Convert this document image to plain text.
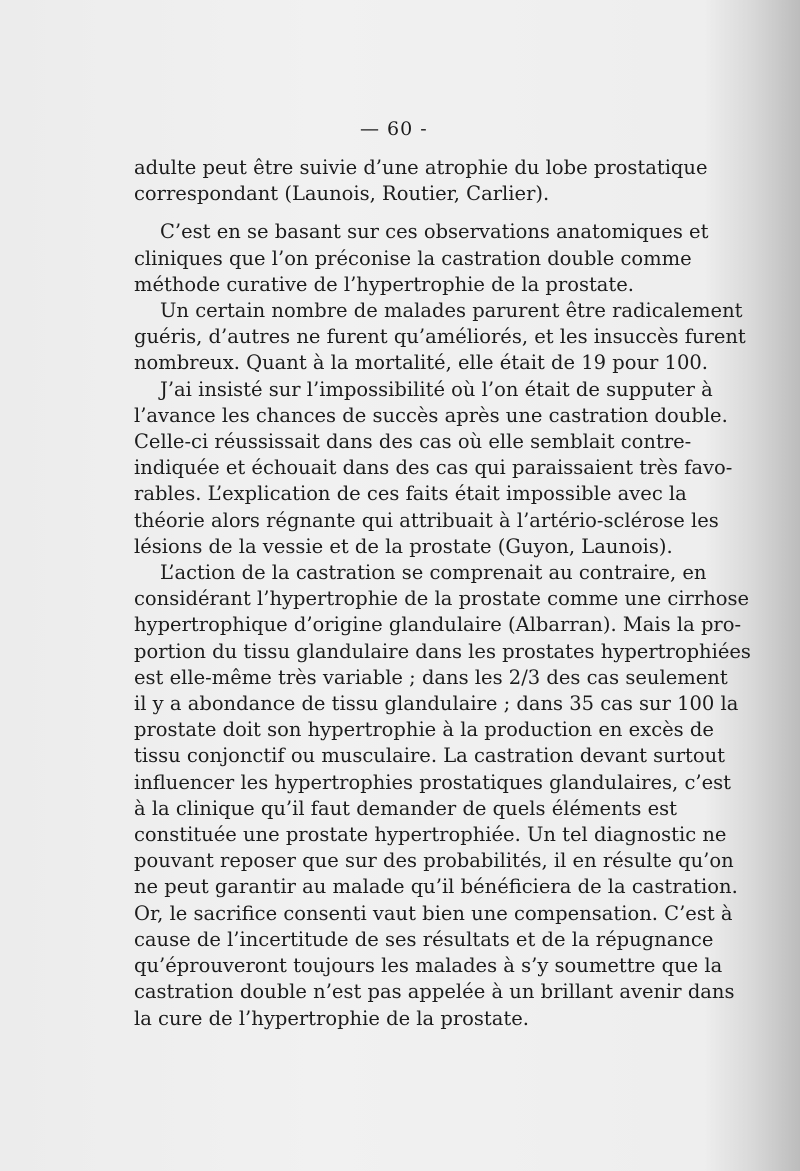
— 60 -
adulte peut être suivie d’une atrophie du lobe prostatique
correspondant (Launois, Routier, Carlier).
C’est en se basant sur ces observations anatomiques et
cliniques que l’on préconise la castration double comme
méthode curative de l’hypertrophie de la prostate.
Un certain nombre de malades parurent être radicalement
guéris, d’autres ne furent qu’améliorés, et les insuccès furent
nombreux. Quant à la mortalité, elle était de 19 pour 100.
J’ai insisté sur l’impossibilité où l’on était de supputer à
l’avance les chances de succès après une castration double.
Celle-ci réussissait dans des cas où elle semblait contre-
indiquée et échouait dans des cas qui paraissaient très favo-
rables. L’explication de ces faits était impossible avec la
théorie alors régnante qui attribuait à l’artério-sclérose les
lésions de la vessie et de la prostate (Guyon, Launois).
L’action de la castration se comprenait au contraire, en
considérant l’hypertrophie de la prostate comme une cirrhose
hypertrophique d’origine glandulaire (Albarran). Mais la pro-
portion du tissu glandulaire dans les prostates hypertrophiées
est elle-même très variable ; dans les 2/3 des cas seulement
il y a abondance de tissu glandulaire ; dans 35 cas sur 100 la
prostate doit son hypertrophie à la production en excès de
tissu conjonctif ou musculaire. La castration devant surtout
influencer les hypertrophies prostatiques glandulaires, c’est
à la clinique qu’il faut demander de quels éléments est
constituée une prostate hypertrophiée. Un tel diagnostic ne
pouvant reposer que sur des probabilités, il en résulte qu’on
ne peut garantir au malade qu’il bénéficiera de la castration.
Or, le sacrifice consenti vaut bien une compensation. C’est à
cause de l’incertitude de ses résultats et de la répugnance
qu’éprouveront toujours les malades à s’y soumettre que la
castration double n’est pas appelée à un brillant avenir dans
la cure de l’hypertrophie de la prostate.
